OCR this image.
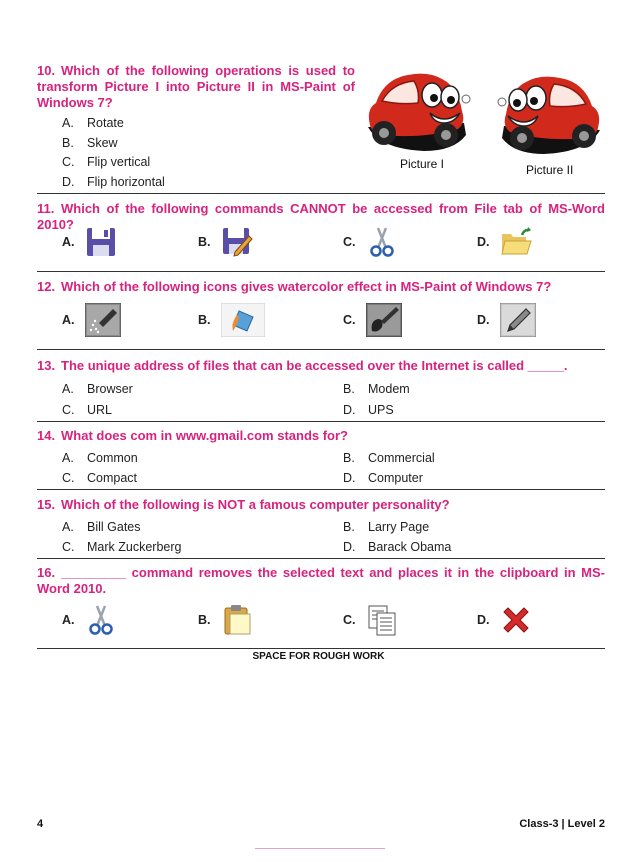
10. Which of the following operations is used to transform Picture I into Picture II in MS-Paint of Windows 7?
A. Rotate
B. Skew
C. Flip vertical
D. Flip horizontal
Picture I	Picture II
11. Which of the following commands CANNOT be accessed from File tab of MS-Word 2010?
A.	B.	C.	D.
12. Which of the following icons gives watercolor effect in MS-Paint of Windows 7?
A.	B.	C.	D.
13. The unique address of files that can be accessed over the Internet is called _____.
A. Browser	B. Modem
C. URL	D. UPS
14. What does com in www.gmail.com stands for?
A. Common	B. Commercial
C. Compact	D. Computer
15. Which of the following is NOT a famous computer personality?
A. Bill Gates	B. Larry Page
C. Mark Zuckerberg	D. Barack Obama
16. _________ command removes the selected text and places it in the clipboard in MS-Word 2010.
A.	B.	C.	D.
SPACE FOR ROUGH WORK
4	Class-3 | Level 2
